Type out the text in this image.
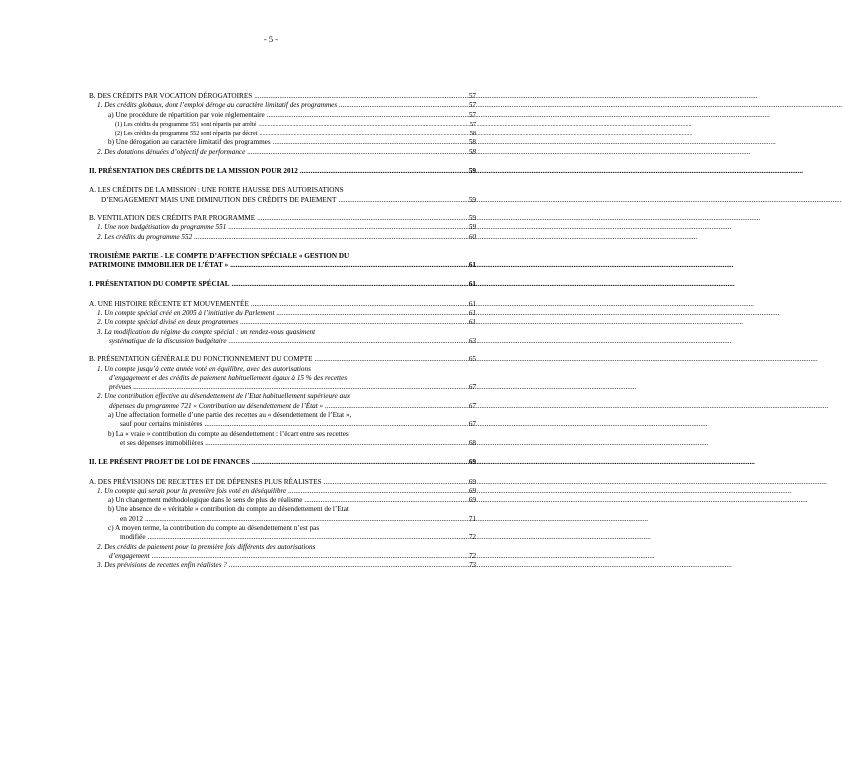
- 5 -
B. DES CRÉDITS PAR VOCATION DÉROGATOIRES .....	57
1. Des crédits globaux, dont l’emploi déroge au caractère limitatif des programmes .....	57
a) Une procédure de répartition par voie réglementaire .....	57
(1) Les crédits du programme 551 sont répartis par arrêté .....	57
(2) Les crédits du programme 552 sont répartis par décret .....	58
b) Une dérogation au caractère limitatif des programmes .....	58
2. Des dotations dénuées d’objectif de performance .....	58
II. PRÉSENTATION DES CRÉDITS DE LA MISSION POUR 2012 .....	59
A. LES CRÉDITS DE LA MISSION : UNE FORTE HAUSSE DES AUTORISATIONS
D’ENGAGEMENT MAIS UNE DIMINUTION DES CRÉDITS DE PAIEMENT .....	59
B. VENTILATION DES CRÉDITS PAR PROGRAMME .....	59
1. Une non budgétisation du programme 551 .....	59
2. Les crédits du programme 552 .....	60
TROISIÈME PARTIE - LE COMPTE D’AFFECTION SPÉCIALE « GESTION DU
PATRIMOINE IMMOBILIER DE L’ÉTAT » .....	61
I. PRÉSENTATION DU COMPTE SPÉCIAL .....	61
A. UNE HISTOIRE RÉCENTE ET MOUVEMENTÉE .....	61
1. Un compte spécial créé en 2005 à l’initiative du Parlement .....	61
2. Un compte spécial divisé en deux programmes .....	61
3. La modification du régime du compte spécial : un rendez-vous quasiment
systématique de la discussion budgétaire .....	63
B. PRÉSENTATION GÉNÉRALE DU FONCTIONNEMENT DU COMPTE .....	65
1. Un compte jusqu’à cette année voté en équilibre, avec des autorisations
d’engagement et des crédits de paiement habituellement égaux à 15 % des recettes
prévues .....	67
2. Une contribution effective au désendettement de l’Etat habituellement supérieure aux
dépenses du programme 721 « Contribution au désendettement de l’État » .....	67
a) Une affectation formelle d’une partie des recettes au « désendettement de l’Etat »,
sauf pour certains ministères .....	67
b) La « vraie » contribution du compte au désendettement : l’écart entre ses recettes
et ses dépenses immobilières .....	68
II. LE PRÉSENT PROJET DE LOI DE FINANCES .....	69
A. DES PRÉVISIONS DE RECETTES ET DE DÉPENSES PLUS RÉALISTES .....	69
1. Un compte qui serait pour la première fois voté en déséquilibre .....	69
a) Un changement méthodologique dans le sens de plus de réalisme .....	69
b) Une absence de « véritable » contribution du compte au désendettement de l’Etat
en 2012 .....	71
c) A moyen terme, la contribution du compte au désendettement n’est pas
modifiée .....	72
2. Des crédits de paiement pour la première fois différents des autorisations
d’engagement .....	72
3. Des prévisions de recettes enfin réalistes ? .....	73
